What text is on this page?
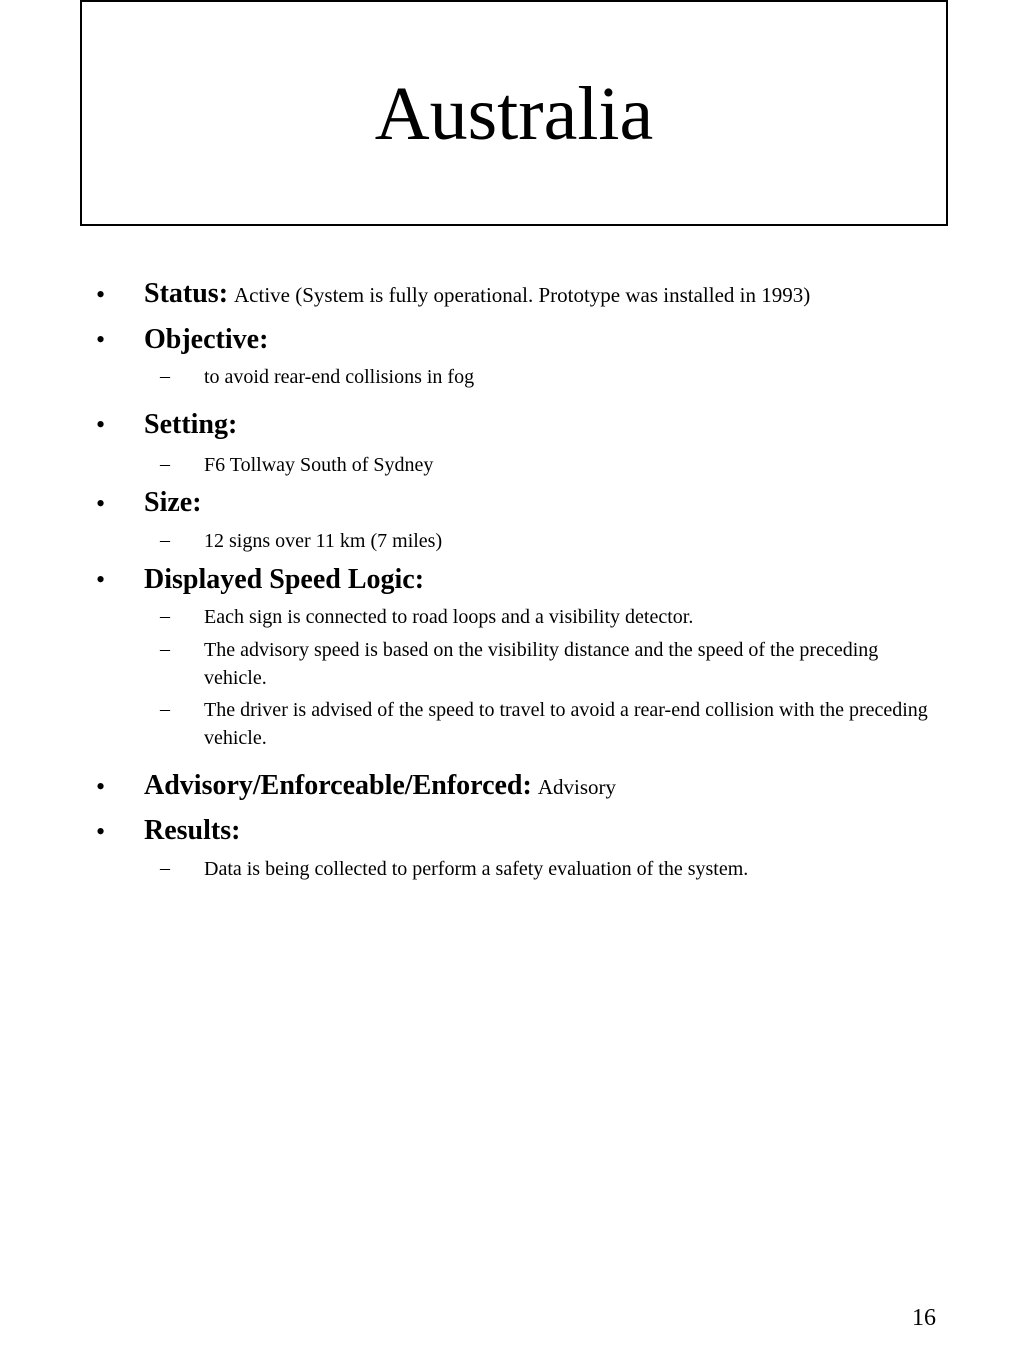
Australia
• Status: Active (System is fully operational. Prototype was installed in 1993)
• Objective:
– to avoid rear-end collisions in fog
• Setting:
– F6 Tollway South of Sydney
• Size:
– 12 signs over 11 km (7 miles)
• Displayed Speed Logic:
– Each sign is connected to road loops and a visibility detector.
– The advisory speed is based on the visibility distance and the speed of the preceding vehicle.
– The driver is advised of the speed to travel to avoid a rear-end collision with the preceding vehicle.
• Advisory/Enforceable/Enforced: Advisory
• Results:
– Data is being collected to perform a safety evaluation of the system.
16
